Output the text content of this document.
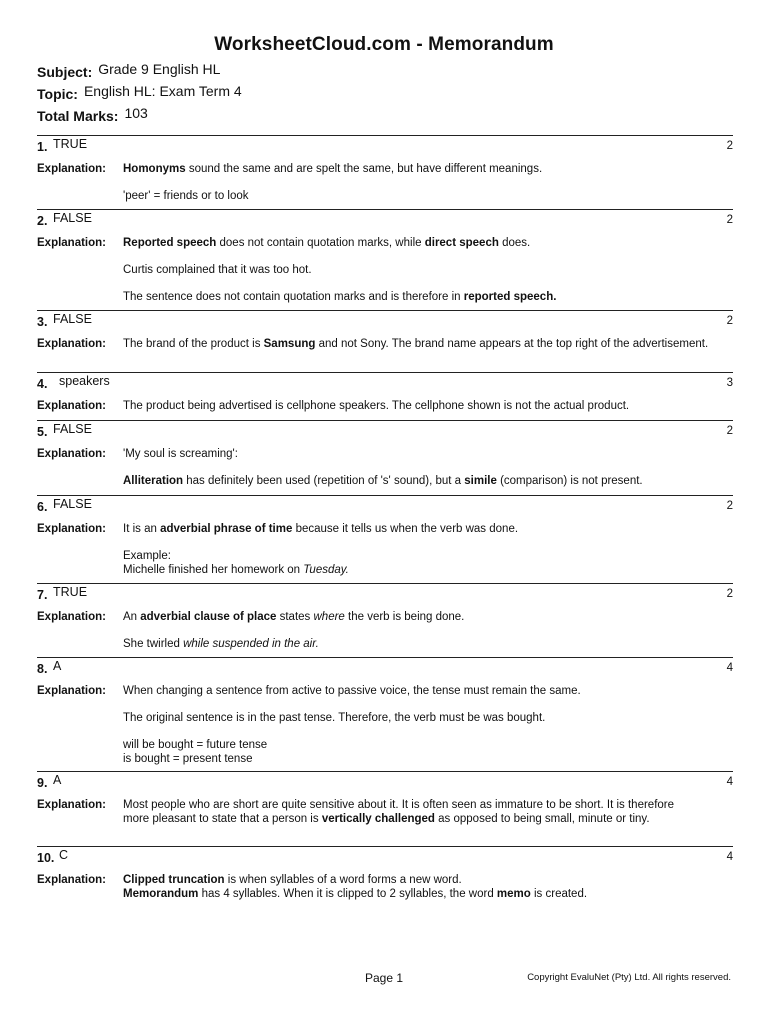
WorksheetCloud.com - Memorandum
Subject: Grade 9 English HL
Topic: English HL: Exam Term 4
Total Marks: 103
1. TRUE	2
Explanation: Homonyms sound the same and are spelt the same, but have different meanings.

'peer' = friends or to look

2. FALSE	2
Explanation: Reported speech does not contain quotation marks, while direct speech does.

Curtis complained that it was too hot.

The sentence does not contain quotation marks and is therefore in reported speech.

3. FALSE	2
Explanation: The brand of the product is Samsung and not Sony. The brand name appears at the top right of the advertisement.

4. speakers	3
Explanation: The product being advertised is cellphone speakers. The cellphone shown is not the actual product.

5. FALSE	2
Explanation: 'My soul is screaming':

Alliteration has definitely been used (repetition of 's' sound), but a simile (comparison) is not present.

6. FALSE	2
Explanation: It is an adverbial phrase of time because it tells us when the verb was done.

Example:
Michelle finished her homework on Tuesday.

7. TRUE	2
Explanation: An adverbial clause of place states where the verb is being done.

She twirled while suspended in the air.

8. A	4
Explanation: When changing a sentence from active to passive voice, the tense must remain the same.

The original sentence is in the past tense. Therefore, the verb must be was bought.

will be bought = future tense
is bought = present tense

9. A	4
Explanation: Most people who are short are quite sensitive about it. It is often seen as immature to be short. It is therefore more pleasant to state that a person is vertically challenged as opposed to being small, minute or tiny.

10. C	4
Explanation: Clipped truncation is when syllables of a word forms a new word.
Memorandum has 4 syllables. When it is clipped to 2 syllables, the word memo is created.

Page 1	Copyright EvaluNet (Pty) Ltd. All rights reserved.
